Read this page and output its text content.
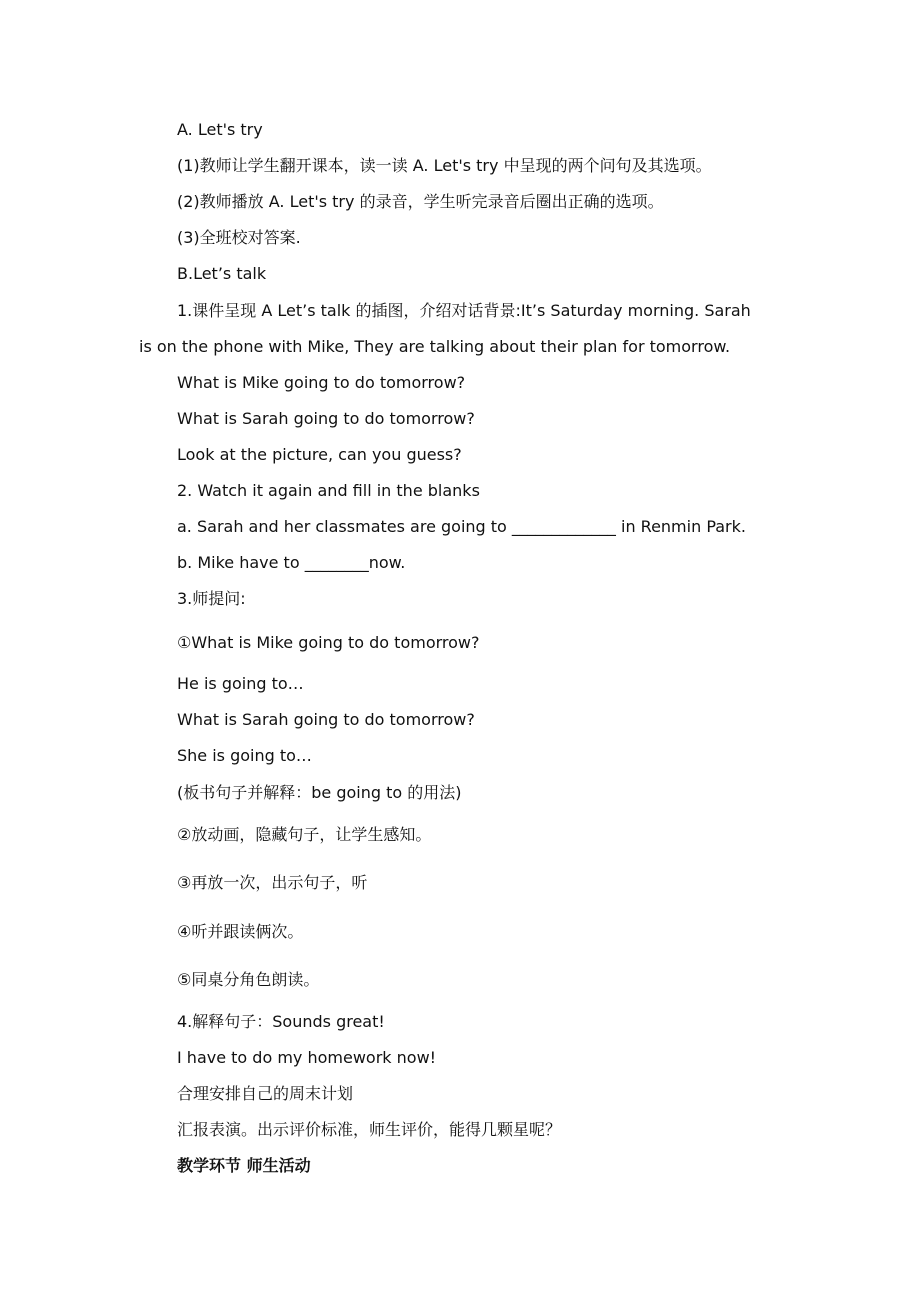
A. Let's try
(1)教师让学生翻开课本，读一读 A. Let's try 中呈现的两个问句及其选项。
(2)教师播放 A. Let's try 的录音，学生听完录音后圈出正确的选项。
(3)全班校对答案.
B.Let’s talk
1.课件呈现 A Let’s talk 的插图，介绍对话背景:It’s Saturday morning. Sarah
is on the phone with Mike, They are talking about their plan for tomorrow.
What is Mike going to do tomorrow?
What is Sarah going to do tomorrow?
Look at the picture, can you guess?
2. Watch it again and fill in the blanks
a. Sarah and her classmates are going to _____________ in Renmin Park.
b. Mike have to ________now.
3.师提问:
①What is Mike going to do tomorrow?
He is going to…
What is Sarah going to do tomorrow?
She is going to…
(板书句子并解释：be going to 的用法)
②放动画，隐藏句子，让学生感知。
③再放一次，出示句子，听
④听并跟读俩次。
⑤同桌分角色朗读。
4.解释句子：Sounds great!
I have to do my homework now!
合理安排自己的周末计划
汇报表演。出示评价标准，师生评价，能得几颗星呢？
教学环节 师生活动
